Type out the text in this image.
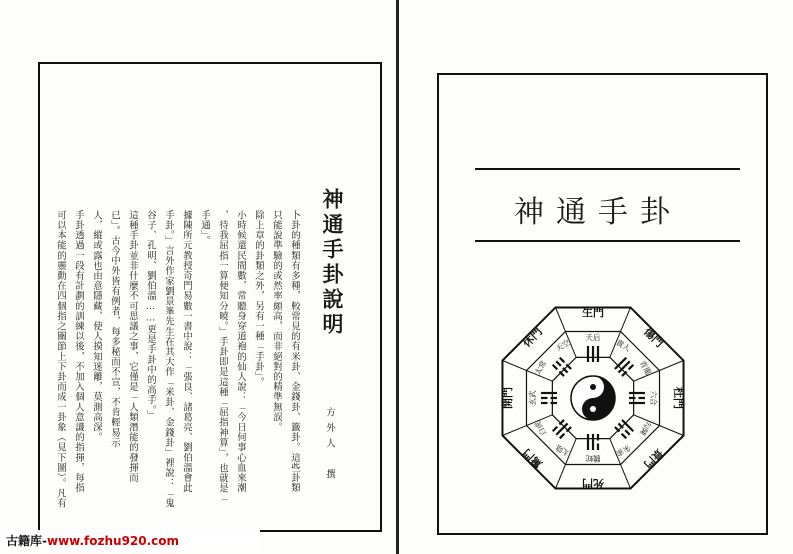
神通手卦說明
方外人　撰
卜卦的種類有多種，較常見的有米卦、金錢卦、籤卦。這些卦類
只能說準驗的或然率頗高，而非絕對的精準無誤。
除上章的卦類之外，另有一種「手卦」。
小時候還民間數，常聽身穿道袍的仙人說：「今日何事心血來潮
，待我屈指一算便知分曉。」手卦即是這種「屈指神算」，也就是「
手通」。
據陳所元教授奇門易數一書中說：「張良、諸葛亮、劉伯溫會此
手卦。」言外作家劉景峯先生在其大作「米卦、金錢卦」裡說：「鬼
谷子、孔明、劉伯溫……更是手卦中的高手。」
這種手卦並非什麼不可思議之事，它僅是「人類潛能的發揮而
已」。古今中外皆有例者，每多秘而不宣，不肯輕易示
人，縱或露也由意隱藏，使人摸知迷離，莫測高深。
手卦透過一段有計劃的訓練以後，不加入個人意識的指揮，每指
可以本能的靈動在四個指之關節上下卦而成一卦象（見下圖）。凡有	神通手卦
生門
傷門
杜門
景門
死門
驚門
開門
休門	天后
貴人
青龍
六合
勾陳
朱雀
騰蛇
太陰
白虎
玄武
太常
天空
古籍库-www.fozhu920.com
